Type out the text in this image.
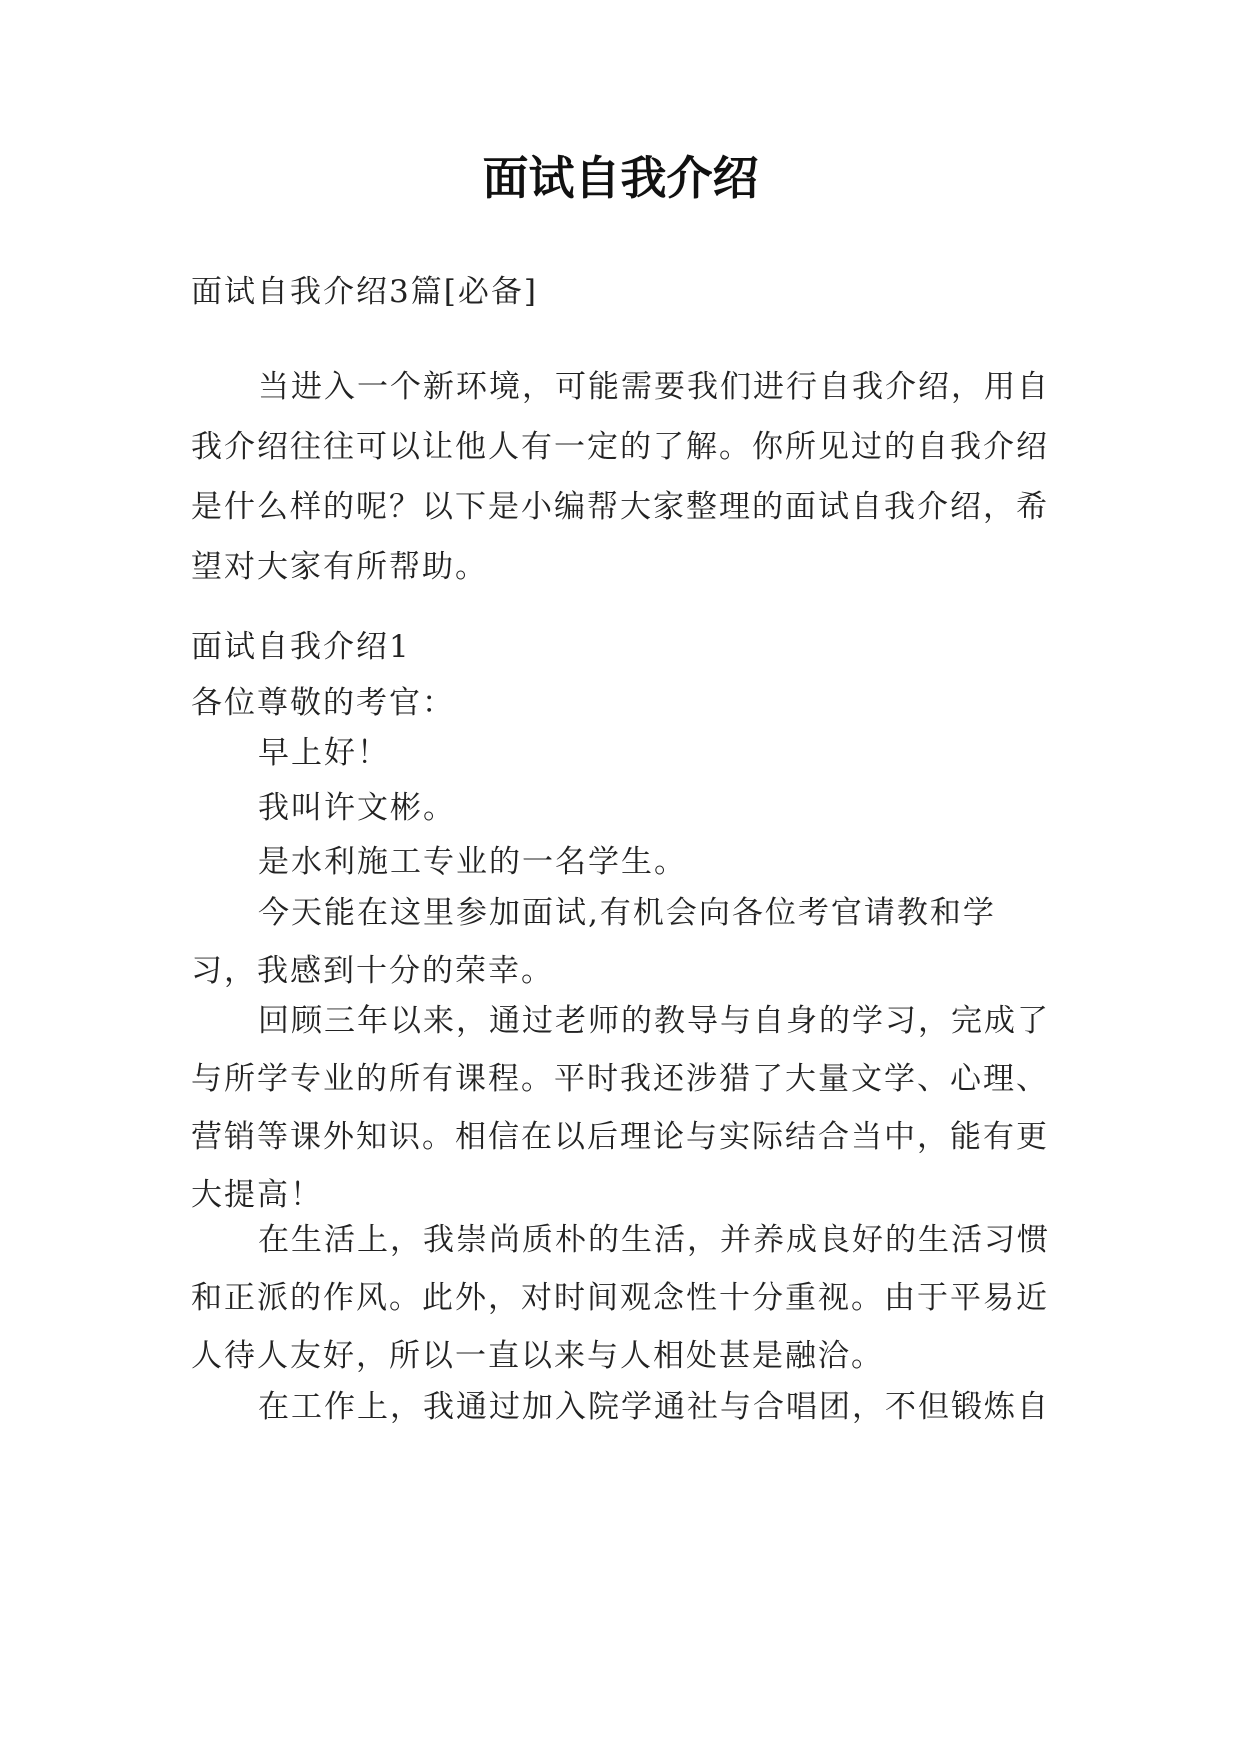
面试自我介绍

面试自我介绍3篇[必备]

当进入一个新环境，可能需要我们进行自我介绍，用自我介绍往往可以让他人有一定的了解。你所见过的自我介绍是什么样的呢？以下是小编帮大家整理的面试自我介绍，希望对大家有所帮助。

面试自我介绍1

各位尊敬的考官：

早上好！

我叫许文彬。

是水利施工专业的一名学生。

今天能在这里参加面试,有机会向各位考官请教和学习，我感到十分的荣幸。

回顾三年以来，通过老师的教导与自身的学习，完成了与所学专业的所有课程。平时我还涉猎了大量文学、心理、营销等课外知识。相信在以后理论与实际结合当中，能有更大提高！

在生活上，我崇尚质朴的生活，并养成良好的生活习惯和正派的作风。此外，对时间观念性十分重视。由于平易近人待人友好，所以一直以来与人相处甚是融洽。

在工作上，我通过加入院学通社与合唱团，不但锻炼自
